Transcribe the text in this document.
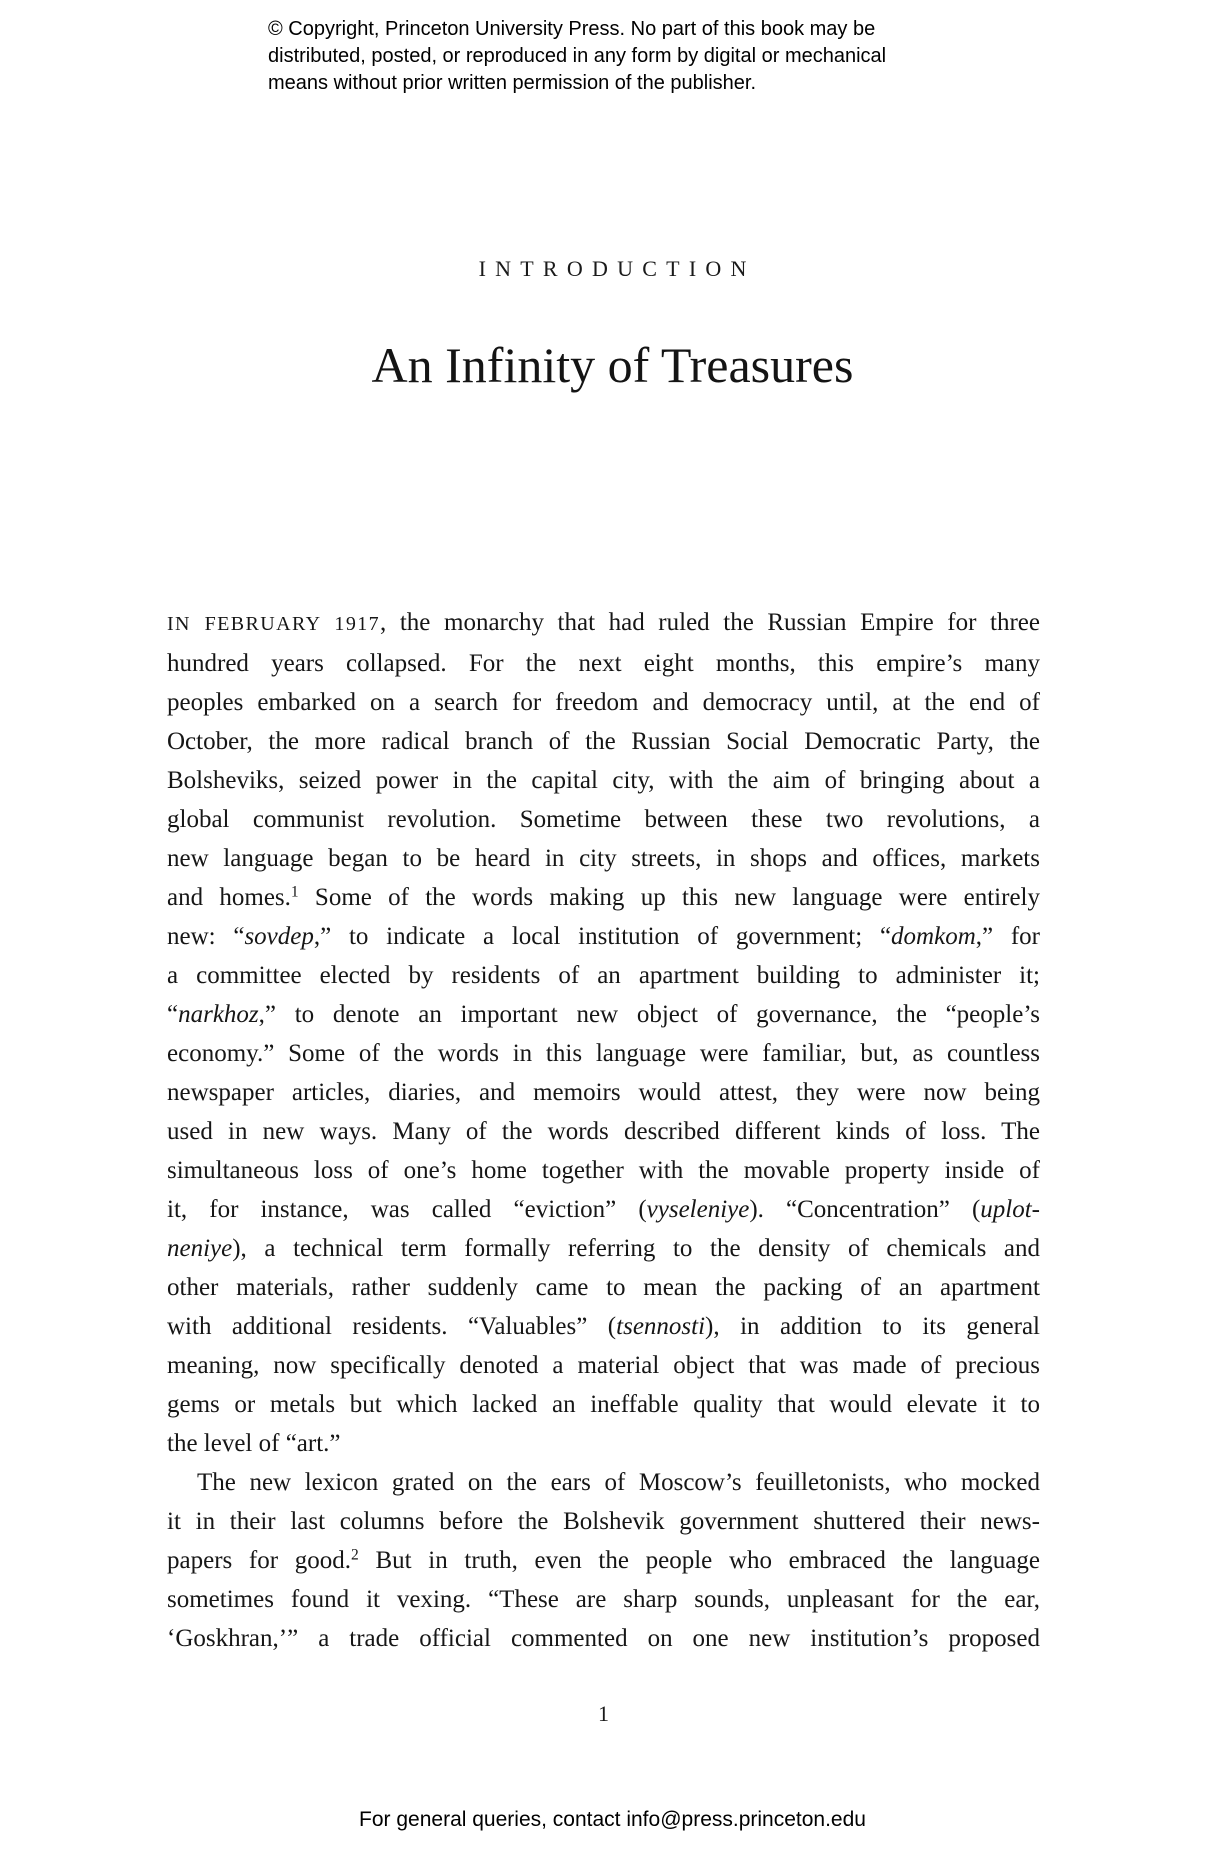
© Copyright, Princeton University Press. No part of this book may be
distributed, posted, or reproduced in any form by digital or mechanical
means without prior written permission of the publisher.
INTRODUCTION
An Infinity of Treasures
IN FEBRUARY 1917, the monarchy that had ruled the Russian Empire for three
hundred years collapsed. For the next eight months, this empire’s many
peoples embarked on a search for freedom and democracy until, at the end of
October, the more radical branch of the Russian Social Democratic Party, the
Bolsheviks, seized power in the capital city, with the aim of bringing about a
global communist revolution. Sometime between these two revolutions, a
new language began to be heard in city streets, in shops and offices, markets
and homes.$^1$ Some of the words making up this new language were entirely
new: “sovdep,” to indicate a local institution of government; “domkom,” for
a committee elected by residents of an apartment building to administer it;
“narkhoz,” to denote an important new object of governance, the “people’s
economy.” Some of the words in this language were familiar, but, as countless
newspaper articles, diaries, and memoirs would attest, they were now being
used in new ways. Many of the words described different kinds of loss. The
simultaneous loss of one’s home together with the movable property inside of
it, for instance, was called “eviction” (vyseleniye). “Concentration” (uplot-
neniye), a technical term formally referring to the density of chemicals and
other materials, rather suddenly came to mean the packing of an apartment
with additional residents. “Valuables” (tsennosti), in addition to its general
meaning, now specifically denoted a material object that was made of precious
gems or metals but which lacked an ineffable quality that would elevate it to
the level of “art.”
The new lexicon grated on the ears of Moscow’s feuilletonists, who mocked
it in their last columns before the Bolshevik government shuttered their news-
papers for good.$^2$ But in truth, even the people who embraced the language
sometimes found it vexing. “These are sharp sounds, unpleasant for the ear,
‘Goskhran,’” a trade official commented on one new institution’s proposed
1
For general queries, contact info@press.princeton.edu
